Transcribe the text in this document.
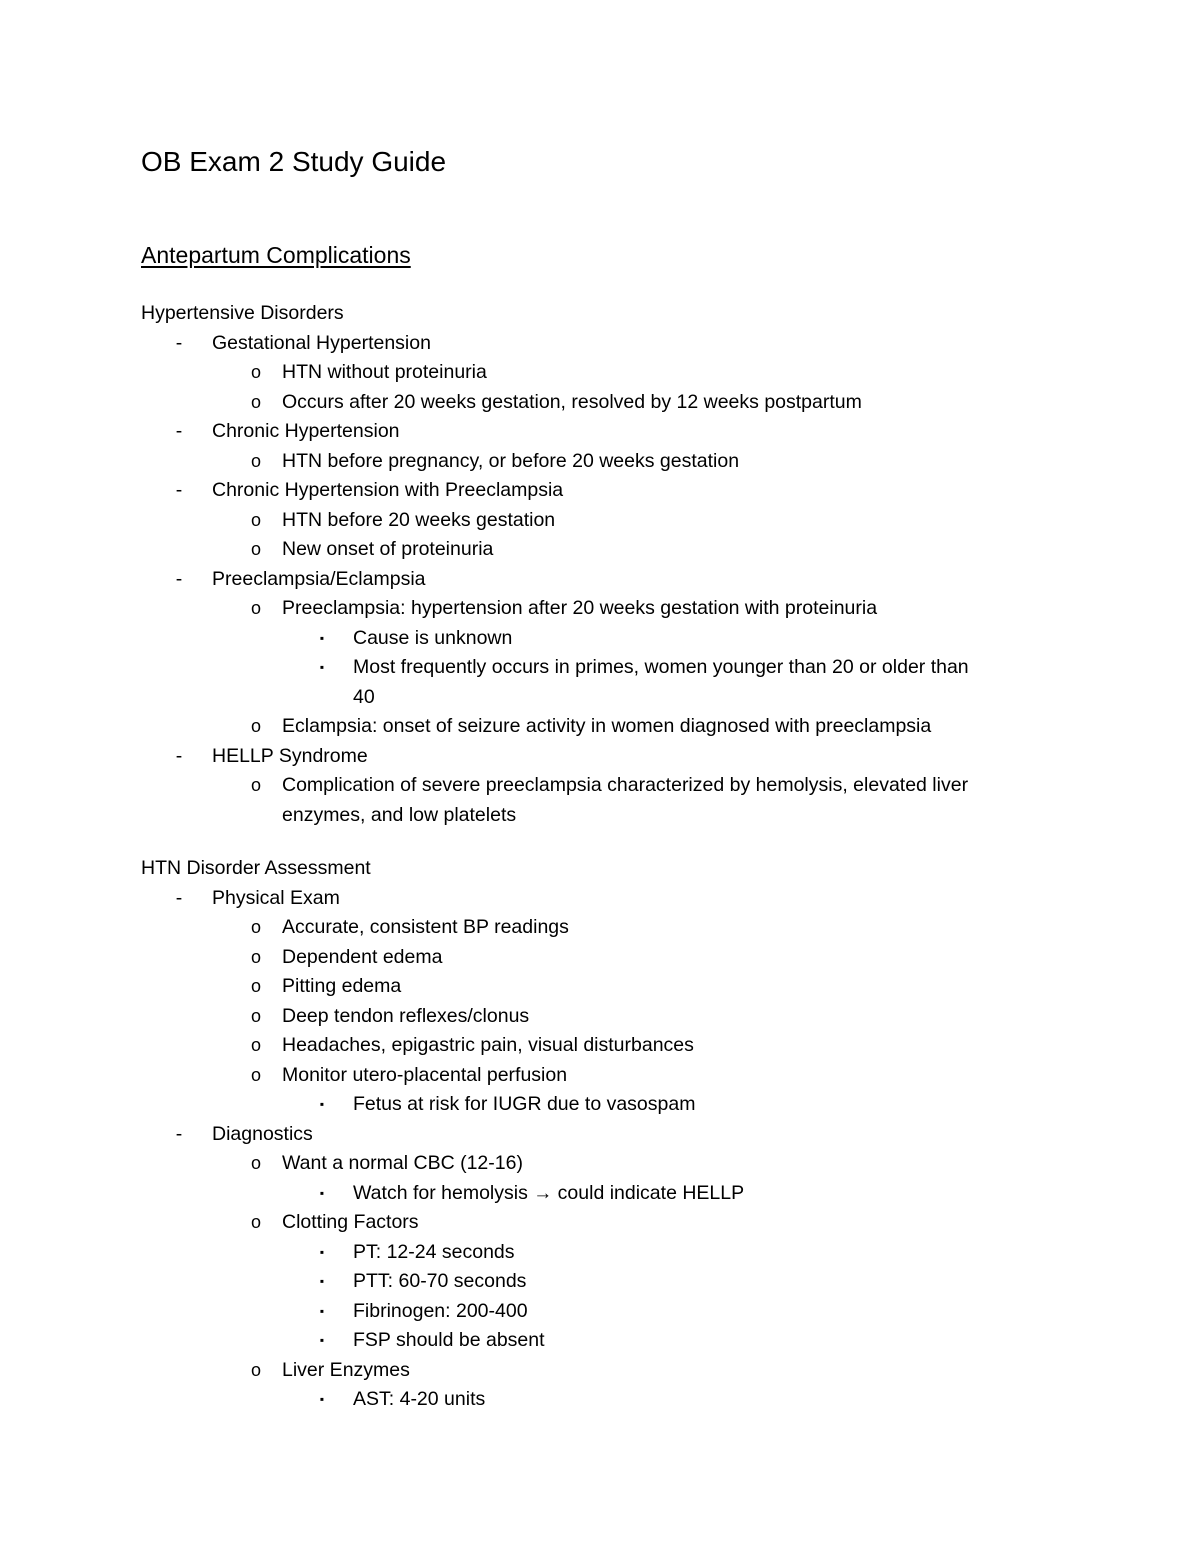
OB Exam 2 Study Guide
Antepartum Complications
Hypertensive Disorders
- Gestational Hypertension
o HTN without proteinuria
o Occurs after 20 weeks gestation, resolved by 12 weeks postpartum
- Chronic Hypertension
o HTN before pregnancy, or before 20 weeks gestation
- Chronic Hypertension with Preeclampsia
o HTN before 20 weeks gestation
o New onset of proteinuria
- Preeclampsia/Eclampsia
o Preeclampsia: hypertension after 20 weeks gestation with proteinuria
▪	Cause is unknown
▪	Most frequently occurs in primes, women younger than 20 or older than
40
o Eclampsia: onset of seizure activity in women diagnosed with preeclampsia
- HELLP Syndrome
o Complication of severe preeclampsia characterized by hemolysis, elevated liver
enzymes, and low platelets
HTN Disorder Assessment
- Physical Exam
o Accurate, consistent BP readings
o Dependent edema
o Pitting edema
o Deep tendon reflexes/clonus
o Headaches, epigastric pain, visual disturbances
o Monitor utero-placental perfusion
▪	Fetus at risk for IUGR due to vasospam
- Diagnostics
o Want a normal CBC (12-16)
▪	Watch for hemolysis → could indicate HELLP
o Clotting Factors
▪	PT: 12-24 seconds
▪	PTT: 60-70 seconds
▪	Fibrinogen: 200-400
▪	FSP should be absent
o Liver Enzymes
▪	AST: 4-20 units
